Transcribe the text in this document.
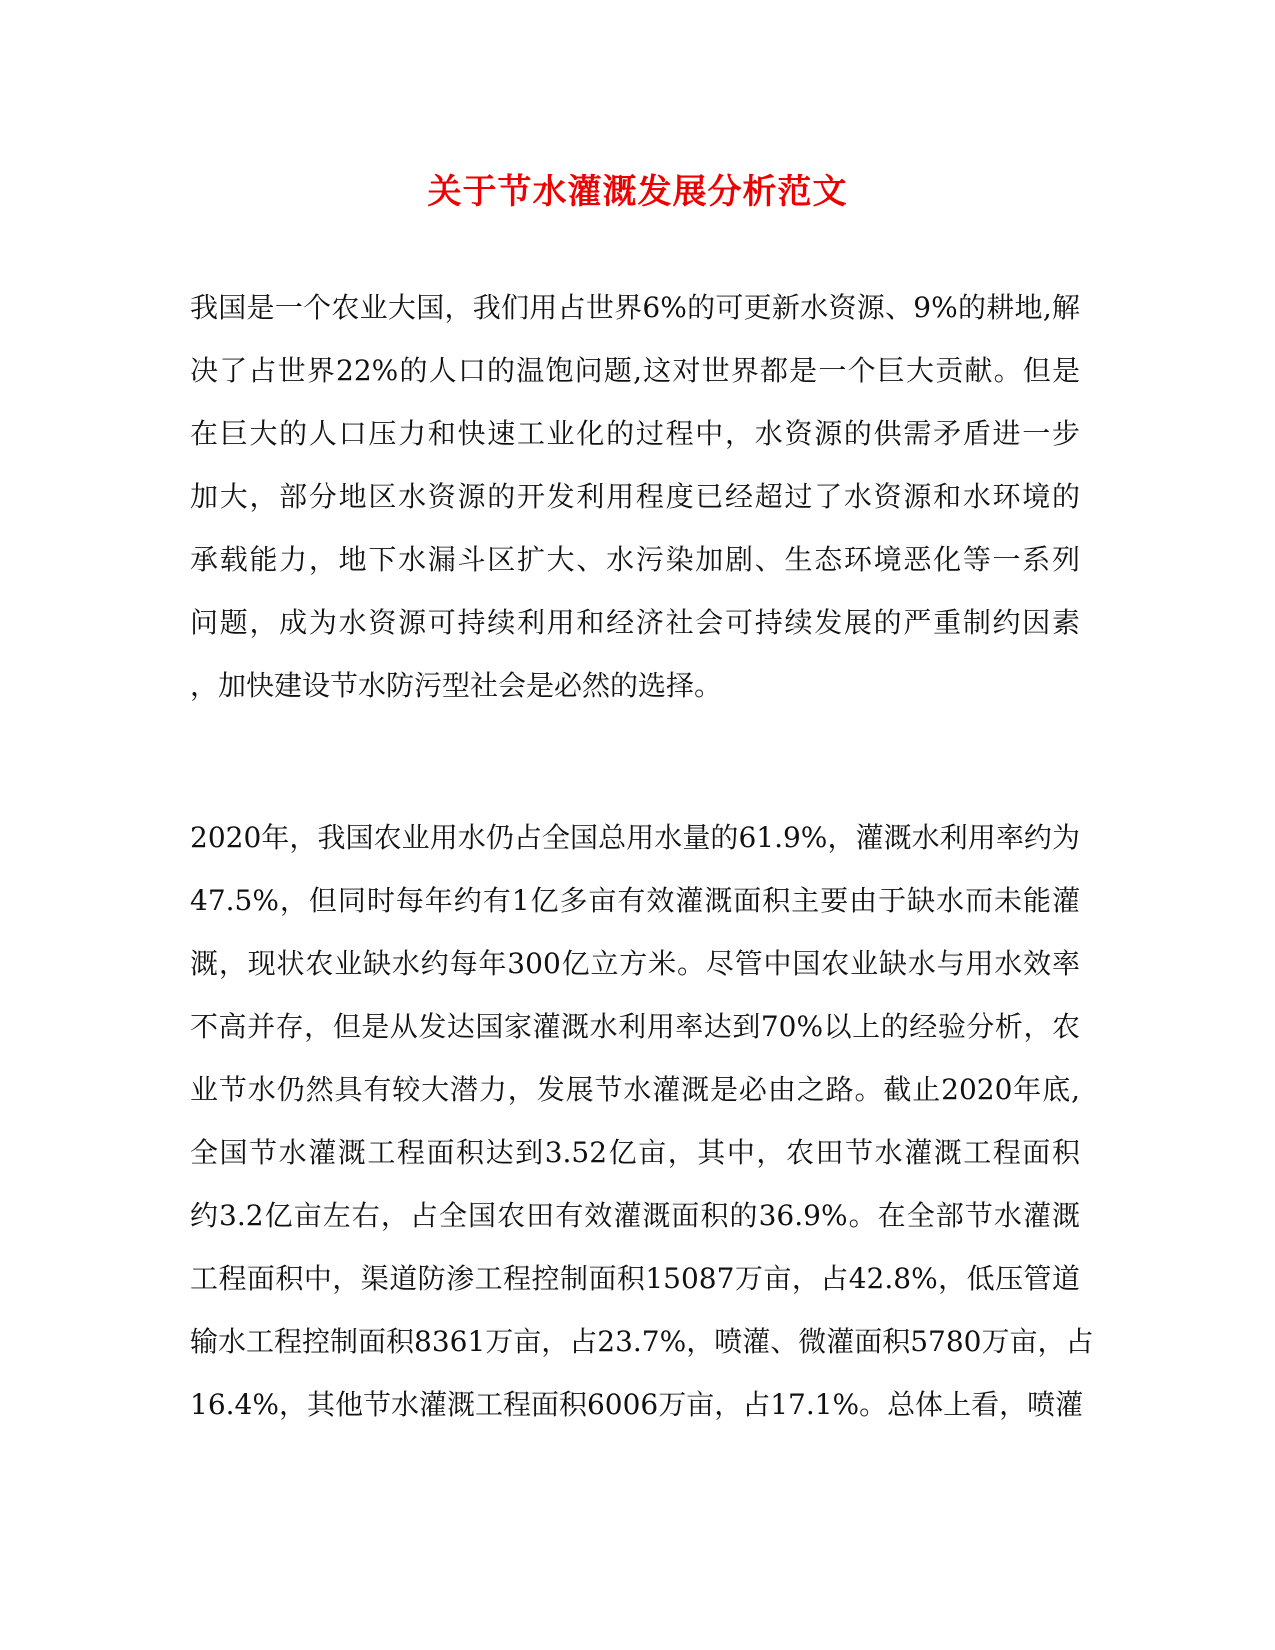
关于节水灌溉发展分析范文
我国是一个农业大国，我们用占世界6%的可更新水资源、9%的耕地,解
决了占世界22%的人口的温饱问题,这对世界都是一个巨大贡献。但是
在巨大的人口压力和快速工业化的过程中，水资源的供需矛盾进一步
加大，部分地区水资源的开发利用程度已经超过了水资源和水环境的
承载能力，地下水漏斗区扩大、水污染加剧、生态环境恶化等一系列
问题，成为水资源可持续利用和经济社会可持续发展的严重制约因素
，加快建设节水防污型社会是必然的选择。
2020年，我国农业用水仍占全国总用水量的61.9%，灌溉水利用率约为
47.5%，但同时每年约有1亿多亩有效灌溉面积主要由于缺水而未能灌
溉，现状农业缺水约每年300亿立方米。尽管中国农业缺水与用水效率
不高并存，但是从发达国家灌溉水利用率达到70%以上的经验分析，农
业节水仍然具有较大潜力，发展节水灌溉是必由之路。截止2020年底,
全国节水灌溉工程面积达到3.52亿亩，其中，农田节水灌溉工程面积
约3.2亿亩左右，占全国农田有效灌溉面积的36.9%。在全部节水灌溉
工程面积中，渠道防渗工程控制面积15087万亩，占42.8%，低压管道
输水工程控制面积8361万亩，占23.7%，喷灌、微灌面积5780万亩，占
16.4%，其他节水灌溉工程面积6006万亩，占17.1%。总体上看，喷灌
